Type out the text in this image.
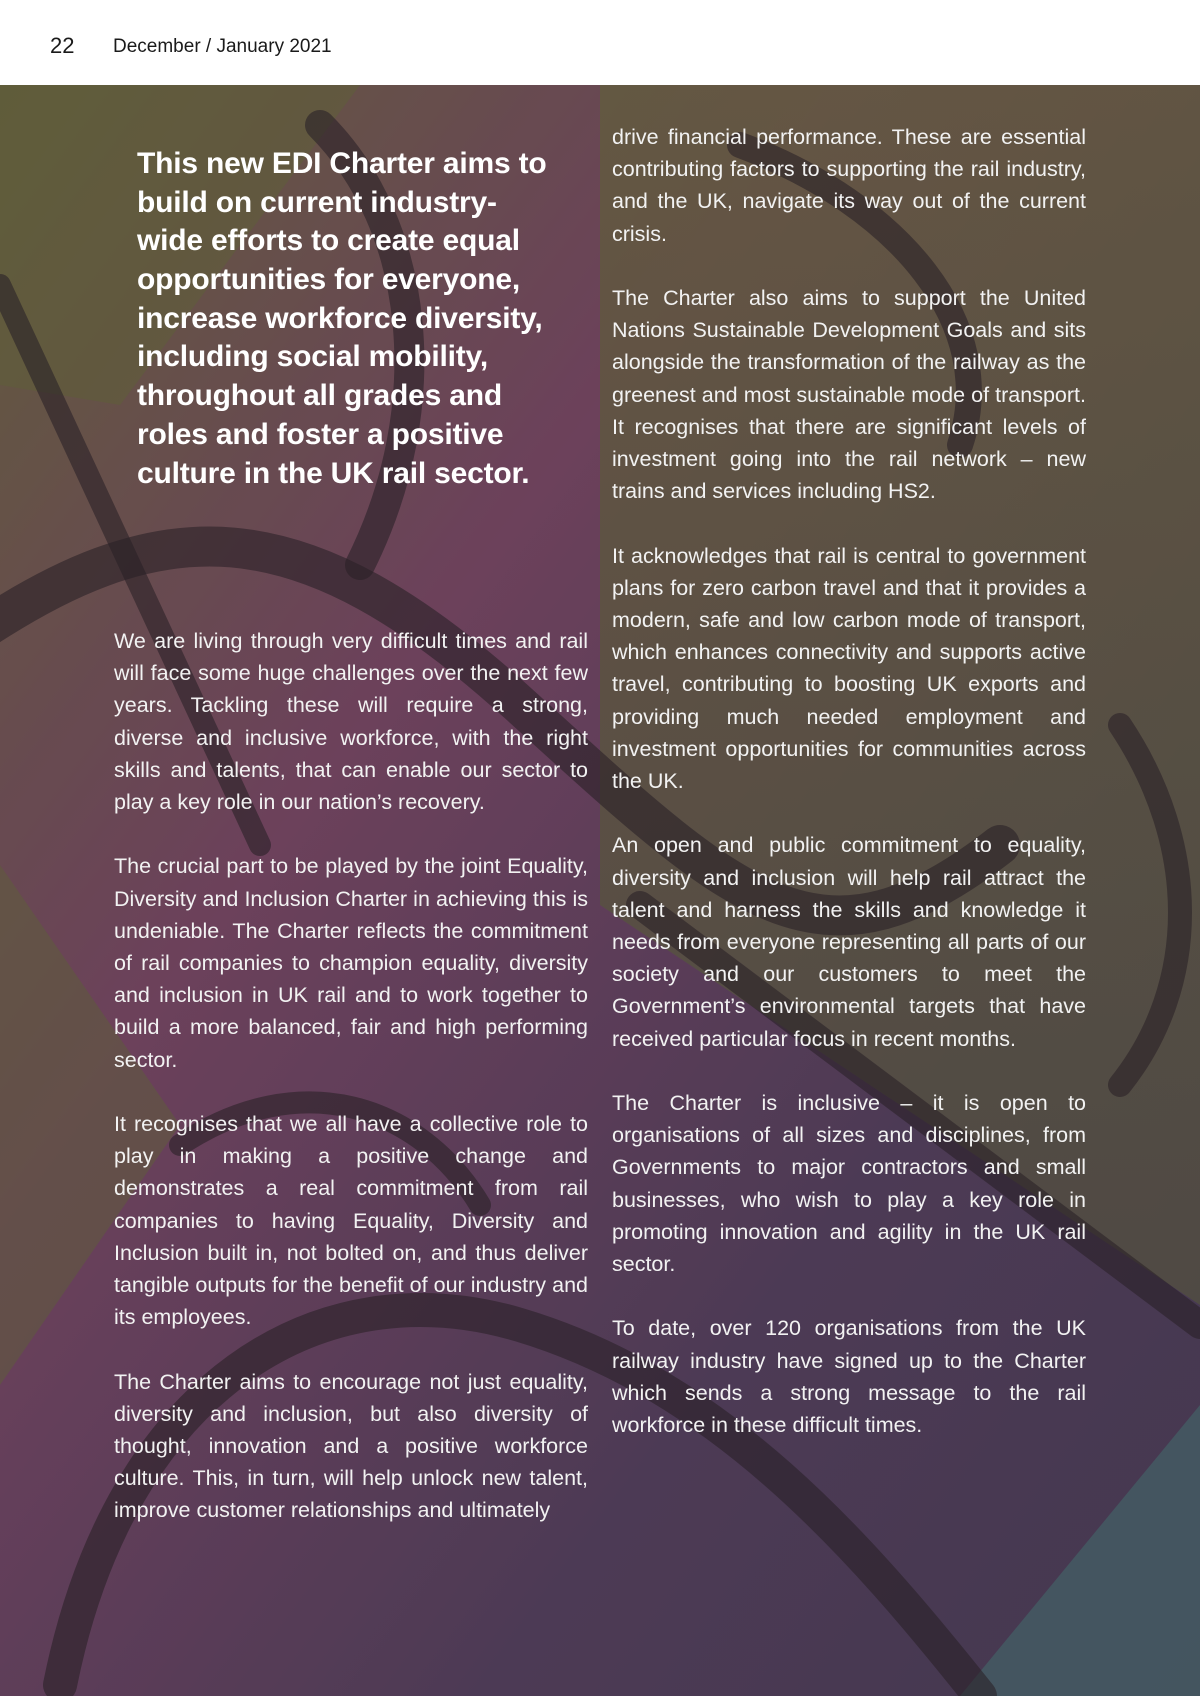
22 December / January 2021
This new EDI Charter aims to build on current industry-wide efforts to create equal opportunities for everyone, increase workforce diversity, including social mobility, throughout all grades and roles and foster a positive culture in the UK rail sector.

We are living through very difficult times and rail will face some huge challenges over the next few years. Tackling these will require a strong, diverse and inclusive workforce, with the right skills and talents, that can enable our sector to play a key role in our nation’s recovery.

The crucial part to be played by the joint Equality, Diversity and Inclusion Charter in achieving this is undeniable. The Charter reflects the commitment of rail companies to champion equality, diversity and inclusion in UK rail and to work together to build a more balanced, fair and high performing sector.

It recognises that we all have a collective role to play in making a positive change and demonstrates a real commitment from rail companies to having Equality, Diversity and Inclusion built in, not bolted on, and thus deliver tangible outputs for the benefit of our industry and its employees.

The Charter aims to encourage not just equality, diversity and inclusion, but also diversity of thought, innovation and a positive workforce culture. This, in turn, will help unlock new talent, improve customer relationships and ultimately

drive financial performance. These are essential contributing factors to supporting the rail industry, and the UK, navigate its way out of the current crisis.

The Charter also aims to support the United Nations Sustainable Development Goals and sits alongside the transformation of the railway as the greenest and most sustainable mode of transport. It recognises that there are significant levels of investment going into the rail network – new trains and services including HS2.

It acknowledges that rail is central to government plans for zero carbon travel and that it provides a modern, safe and low carbon mode of transport, which enhances connectivity and supports active travel, contributing to boosting UK exports and providing much needed employment and investment opportunities for communities across the UK.

An open and public commitment to equality, diversity and inclusion will help rail attract the talent and harness the skills and knowledge it needs from everyone representing all parts of our society and our customers to meet the Government’s environmental targets that have received particular focus in recent months.

The Charter is inclusive – it is open to organisations of all sizes and disciplines, from Governments to major contractors and small businesses, who wish to play a key role in promoting innovation and agility in the UK rail sector.

To date, over 120 organisations from the UK railway industry have signed up to the Charter which sends a strong message to the rail workforce in these difficult times.
